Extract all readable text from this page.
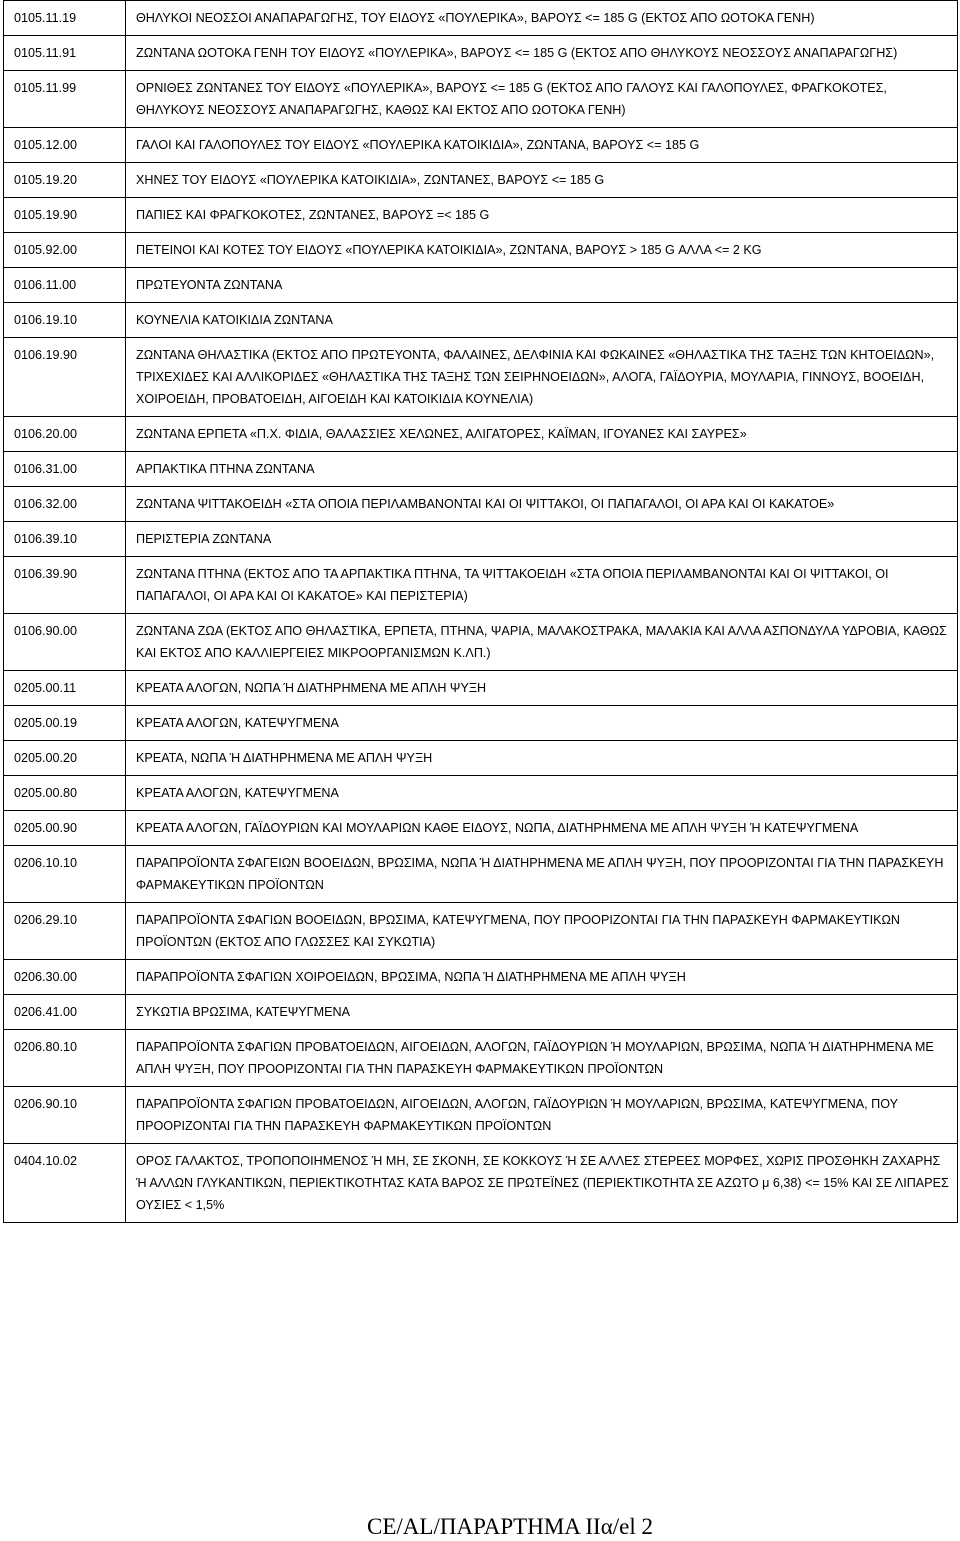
0105.11.19	ΘΗΛΥΚΟΙ ΝΕΟΣΣΟΙ ΑΝΑΠΑΡΑΓΩΓΗΣ, ΤΟΥ ΕΙΔΟΥΣ «ΠΟΥΛΕΡΙΚΑ», ΒΑΡΟΥΣ <= 185 G (ΕΚΤΟΣ ΑΠΟ ΩΟΤΟΚΑ ΓΕΝΗ)
0105.11.91	ΖΩΝΤΑΝΑ ΩΟΤΟΚΑ ΓΕΝΗ ΤΟΥ ΕΙΔΟΥΣ «ΠΟΥΛΕΡΙΚΑ», ΒΑΡΟΥΣ <= 185 G (ΕΚΤΟΣ ΑΠΟ ΘΗΛΥΚΟΥΣ ΝΕΟΣΣΟΥΣ ΑΝΑΠΑΡΑΓΩΓΗΣ)
0105.11.99	ΟΡΝΙΘΕΣ ΖΩΝΤΑΝΕΣ ΤΟΥ ΕΙΔΟΥΣ «ΠΟΥΛΕΡΙΚΑ», ΒΑΡΟΥΣ <= 185 G (ΕΚΤΟΣ ΑΠΟ ΓΑΛΟΥΣ ΚΑΙ ΓΑΛΟΠΟΥΛΕΣ, ΦΡΑΓΚΟΚΟΤΕΣ, ΘΗΛΥΚΟΥΣ ΝΕΟΣΣΟΥΣ ΑΝΑΠΑΡΑΓΩΓΗΣ, ΚΑΘΩΣ ΚΑΙ ΕΚΤΟΣ ΑΠΟ ΩΟΤΟΚΑ ΓΕΝΗ)
0105.12.00	ΓΑΛΟΙ ΚΑΙ ΓΑΛΟΠΟΥΛΕΣ ΤΟΥ ΕΙΔΟΥΣ «ΠΟΥΛΕΡΙΚΑ ΚΑΤΟΙΚΙΔΙΑ», ΖΩΝΤΑΝΑ, ΒΑΡΟΥΣ <= 185 G
0105.19.20	ΧΗΝΕΣ ΤΟΥ ΕΙΔΟΥΣ «ΠΟΥΛΕΡΙΚΑ ΚΑΤΟΙΚΙΔΙΑ», ΖΩΝΤΑΝΕΣ, ΒΑΡΟΥΣ <= 185 G
0105.19.90	ΠΑΠΙΕΣ ΚΑΙ ΦΡΑΓΚΟΚΟΤΕΣ, ΖΩΝΤΑΝΕΣ, ΒΑΡΟΥΣ =< 185 G
0105.92.00	ΠΕΤΕΙΝΟΙ ΚΑΙ ΚΟΤΕΣ ΤΟΥ ΕΙΔΟΥΣ «ΠΟΥΛΕΡΙΚΑ ΚΑΤΟΙΚΙΔΙΑ», ΖΩΝΤΑΝΑ, ΒΑΡΟΥΣ > 185 G ΑΛΛΑ <= 2 KG
0106.11.00	ΠΡΩΤΕΥΟΝΤΑ ΖΩΝΤΑΝΑ
0106.19.10	ΚΟΥΝΕΛΙΑ ΚΑΤΟΙΚΙΔΙΑ ΖΩΝΤΑΝΑ
0106.19.90	ΖΩΝΤΑΝΑ ΘΗΛΑΣΤΙΚΑ (ΕΚΤΟΣ ΑΠΟ ΠΡΩΤΕΥΟΝΤΑ, ΦΑΛΑΙΝΕΣ, ΔΕΛΦΙΝΙΑ ΚΑΙ ΦΩΚΑΙΝΕΣ «ΘΗΛΑΣΤΙΚΑ ΤΗΣ ΤΑΞΗΣ ΤΩΝ ΚΗΤΟΕΙΔΩΝ», ΤΡΙΧΕΧΙΔΕΣ ΚΑΙ ΑΛΛΙΚΟΡΙΔΕΣ «ΘΗΛΑΣΤΙΚΑ ΤΗΣ ΤΑΞΗΣ ΤΩΝ ΣΕΙΡΗΝΟΕΙΔΩΝ», ΑΛΟΓΑ, ΓΑΪΔΟΥΡΙΑ, ΜΟΥΛΑΡΙΑ, ΓΙΝΝΟΥΣ, ΒΟΟΕΙΔΗ, ΧΟΙΡΟΕΙΔΗ, ΠΡΟΒΑΤΟΕΙΔΗ, ΑΙΓΟΕΙΔΗ ΚΑΙ ΚΑΤΟΙΚΙΔΙΑ ΚΟΥΝΕΛΙΑ)
0106.20.00	ΖΩΝΤΑΝΑ ΕΡΠΕΤΑ «Π.Χ. ΦΙΔΙΑ, ΘΑΛΑΣΣΙΕΣ ΧΕΛΩΝΕΣ, ΑΛΙΓΑΤΟΡΕΣ, ΚΑΪΜΑΝ, ΙΓΟΥΑΝΕΣ ΚΑΙ ΣΑΥΡΕΣ»
0106.31.00	ΑΡΠΑΚΤΙΚΑ ΠΤΗΝΑ ΖΩΝΤΑΝΑ
0106.32.00	ΖΩΝΤΑΝΑ ΨΙΤΤΑΚΟΕΙΔΗ «ΣΤΑ ΟΠΟΙΑ ΠΕΡΙΛΑΜΒΑΝΟΝΤΑΙ ΚΑΙ ΟΙ ΨΙΤΤΑΚΟΙ, ΟΙ ΠΑΠΑΓΑΛΟΙ, ΟΙ ΑΡΑ ΚΑΙ ΟΙ ΚΑΚΑΤΟΕ»
0106.39.10	ΠΕΡΙΣΤΕΡΙΑ ΖΩΝΤΑΝΑ
0106.39.90	ΖΩΝΤΑΝΑ ΠΤΗΝΑ (ΕΚΤΟΣ ΑΠΟ ΤΑ ΑΡΠΑΚΤΙΚΑ ΠΤΗΝΑ, ΤΑ ΨΙΤΤΑΚΟΕΙΔΗ «ΣΤΑ ΟΠΟΙΑ ΠΕΡΙΛΑΜΒΑΝΟΝΤΑΙ ΚΑΙ ΟΙ ΨΙΤΤΑΚΟΙ, ΟΙ ΠΑΠΑΓΑΛΟΙ, ΟΙ ΑΡΑ ΚΑΙ ΟΙ ΚΑΚΑΤΟΕ» ΚΑΙ ΠΕΡΙΣΤΕΡΙΑ)
0106.90.00	ΖΩΝΤΑΝΑ ΖΩΑ (ΕΚΤΟΣ ΑΠΟ ΘΗΛΑΣΤΙΚΑ, ΕΡΠΕΤΑ, ΠΤΗΝΑ, ΨΑΡΙΑ, ΜΑΛΑΚΟΣΤΡΑΚΑ, ΜΑΛΑΚΙΑ ΚΑΙ ΑΛΛΑ ΑΣΠΟΝΔΥΛΑ ΥΔΡΟΒΙΑ, ΚΑΘΩΣ ΚΑΙ ΕΚΤΟΣ ΑΠΟ ΚΑΛΛΙΕΡΓΕΙΕΣ ΜΙΚΡΟΟΡΓΑΝΙΣΜΩΝ Κ.ΛΠ.)
0205.00.11	ΚΡΕΑΤΑ ΑΛΟΓΩΝ, ΝΩΠΑ Ή ΔΙΑΤΗΡΗΜΕΝΑ ΜΕ ΑΠΛΗ ΨΥΞΗ
0205.00.19	ΚΡΕΑΤΑ ΑΛΟΓΩΝ, ΚΑΤΕΨΥΓΜΕΝΑ
0205.00.20	ΚΡΕΑΤΑ, ΝΩΠΑ Ή ΔΙΑΤΗΡΗΜΕΝΑ ΜΕ ΑΠΛΗ ΨΥΞΗ
0205.00.80	ΚΡΕΑΤΑ ΑΛΟΓΩΝ, ΚΑΤΕΨΥΓΜΕΝΑ
0205.00.90	ΚΡΕΑΤΑ ΑΛΟΓΩΝ, ΓΑΪΔΟΥΡΙΩΝ ΚΑΙ ΜΟΥΛΑΡΙΩΝ ΚΑΘΕ ΕΙΔΟΥΣ, ΝΩΠΑ, ΔΙΑΤΗΡΗΜΕΝΑ ΜΕ ΑΠΛΗ ΨΥΞΗ Ή ΚΑΤΕΨΥΓΜΕΝΑ
0206.10.10	ΠΑΡΑΠΡΟΪΟΝΤΑ ΣΦΑΓΕΙΩΝ ΒΟΟΕΙΔΩΝ, ΒΡΩΣΙΜΑ, ΝΩΠΑ Ή ΔΙΑΤΗΡΗΜΕΝΑ ΜΕ ΑΠΛΗ ΨΥΞΗ, ΠΟΥ ΠΡΟΟΡΙΖΟΝΤΑΙ ΓΙΑ ΤΗΝ ΠΑΡΑΣΚΕΥΗ ΦΑΡΜΑΚΕΥΤΙΚΩΝ ΠΡΟΪΟΝΤΩΝ
0206.29.10	ΠΑΡΑΠΡΟΪΟΝΤΑ ΣΦΑΓΙΩΝ ΒΟΟΕΙΔΩΝ, ΒΡΩΣΙΜΑ, ΚΑΤΕΨΥΓΜΕΝΑ, ΠΟΥ ΠΡΟΟΡΙΖΟΝΤΑΙ ΓΙΑ ΤΗΝ ΠΑΡΑΣΚΕΥΗ ΦΑΡΜΑΚΕΥΤΙΚΩΝ ΠΡΟΪΟΝΤΩΝ (ΕΚΤΟΣ ΑΠΟ ΓΛΩΣΣΕΣ ΚΑΙ ΣΥΚΩΤΙΑ)
0206.30.00	ΠΑΡΑΠΡΟΪΟΝΤΑ ΣΦΑΓΙΩΝ ΧΟΙΡΟΕΙΔΩΝ, ΒΡΩΣΙΜΑ, ΝΩΠΑ Ή ΔΙΑΤΗΡΗΜΕΝΑ ΜΕ ΑΠΛΗ ΨΥΞΗ
0206.41.00	ΣΥΚΩΤΙΑ ΒΡΩΣΙΜΑ, ΚΑΤΕΨΥΓΜΕΝΑ
0206.80.10	ΠΑΡΑΠΡΟΪΟΝΤΑ ΣΦΑΓΙΩΝ ΠΡΟΒΑΤΟΕΙΔΩΝ, ΑΙΓΟΕΙΔΩΝ, ΑΛΟΓΩΝ, ΓΑΪΔΟΥΡΙΩΝ Ή ΜΟΥΛΑΡΙΩΝ, ΒΡΩΣΙΜΑ, ΝΩΠΑ Ή ΔΙΑΤΗΡΗΜΕΝΑ ΜΕ ΑΠΛΗ ΨΥΞΗ, ΠΟΥ ΠΡΟΟΡΙΖΟΝΤΑΙ ΓΙΑ ΤΗΝ ΠΑΡΑΣΚΕΥΗ ΦΑΡΜΑΚΕΥΤΙΚΩΝ ΠΡΟΪΟΝΤΩΝ
0206.90.10	ΠΑΡΑΠΡΟΪΟΝΤΑ ΣΦΑΓΙΩΝ ΠΡΟΒΑΤΟΕΙΔΩΝ, ΑΙΓΟΕΙΔΩΝ, ΑΛΟΓΩΝ, ΓΑΪΔΟΥΡΙΩΝ Ή ΜΟΥΛΑΡΙΩΝ, ΒΡΩΣΙΜΑ, ΚΑΤΕΨΥΓΜΕΝΑ, ΠΟΥ ΠΡΟΟΡΙΖΟΝΤΑΙ ΓΙΑ ΤΗΝ ΠΑΡΑΣΚΕΥΗ ΦΑΡΜΑΚΕΥΤΙΚΩΝ ΠΡΟΪΟΝΤΩΝ
0404.10.02	ΟΡΟΣ ΓΑΛΑΚΤΟΣ, ΤΡΟΠΟΠΟΙΗΜΕΝΟΣ Ή ΜΗ, ΣΕ ΣΚΟΝΗ, ΣΕ ΚΟΚΚΟΥΣ Ή ΣΕ ΑΛΛΕΣ ΣΤΕΡΕΕΣ ΜΟΡΦΕΣ, ΧΩΡΙΣ ΠΡΟΣΘΗΚΗ ΖΑΧΑΡΗΣ Ή ΑΛΛΩΝ ΓΛΥΚΑΝΤΙΚΩΝ, ΠΕΡΙΕΚΤΙΚΟΤΗΤΑΣ ΚΑΤΑ ΒΑΡΟΣ ΣΕ ΠΡΩΤΕΪΝΕΣ (ΠΕΡΙΕΚΤΙΚΟΤΗΤΑ ΣΕ ΑΖΩΤΟ μ 6,38) <= 15% ΚΑΙ ΣΕ ΛΙΠΑΡΕΣ ΟΥΣΙΕΣ < 1,5%
CE/AL/ΠΑΡΑΡΤΗΜΑ IIα/el 2
